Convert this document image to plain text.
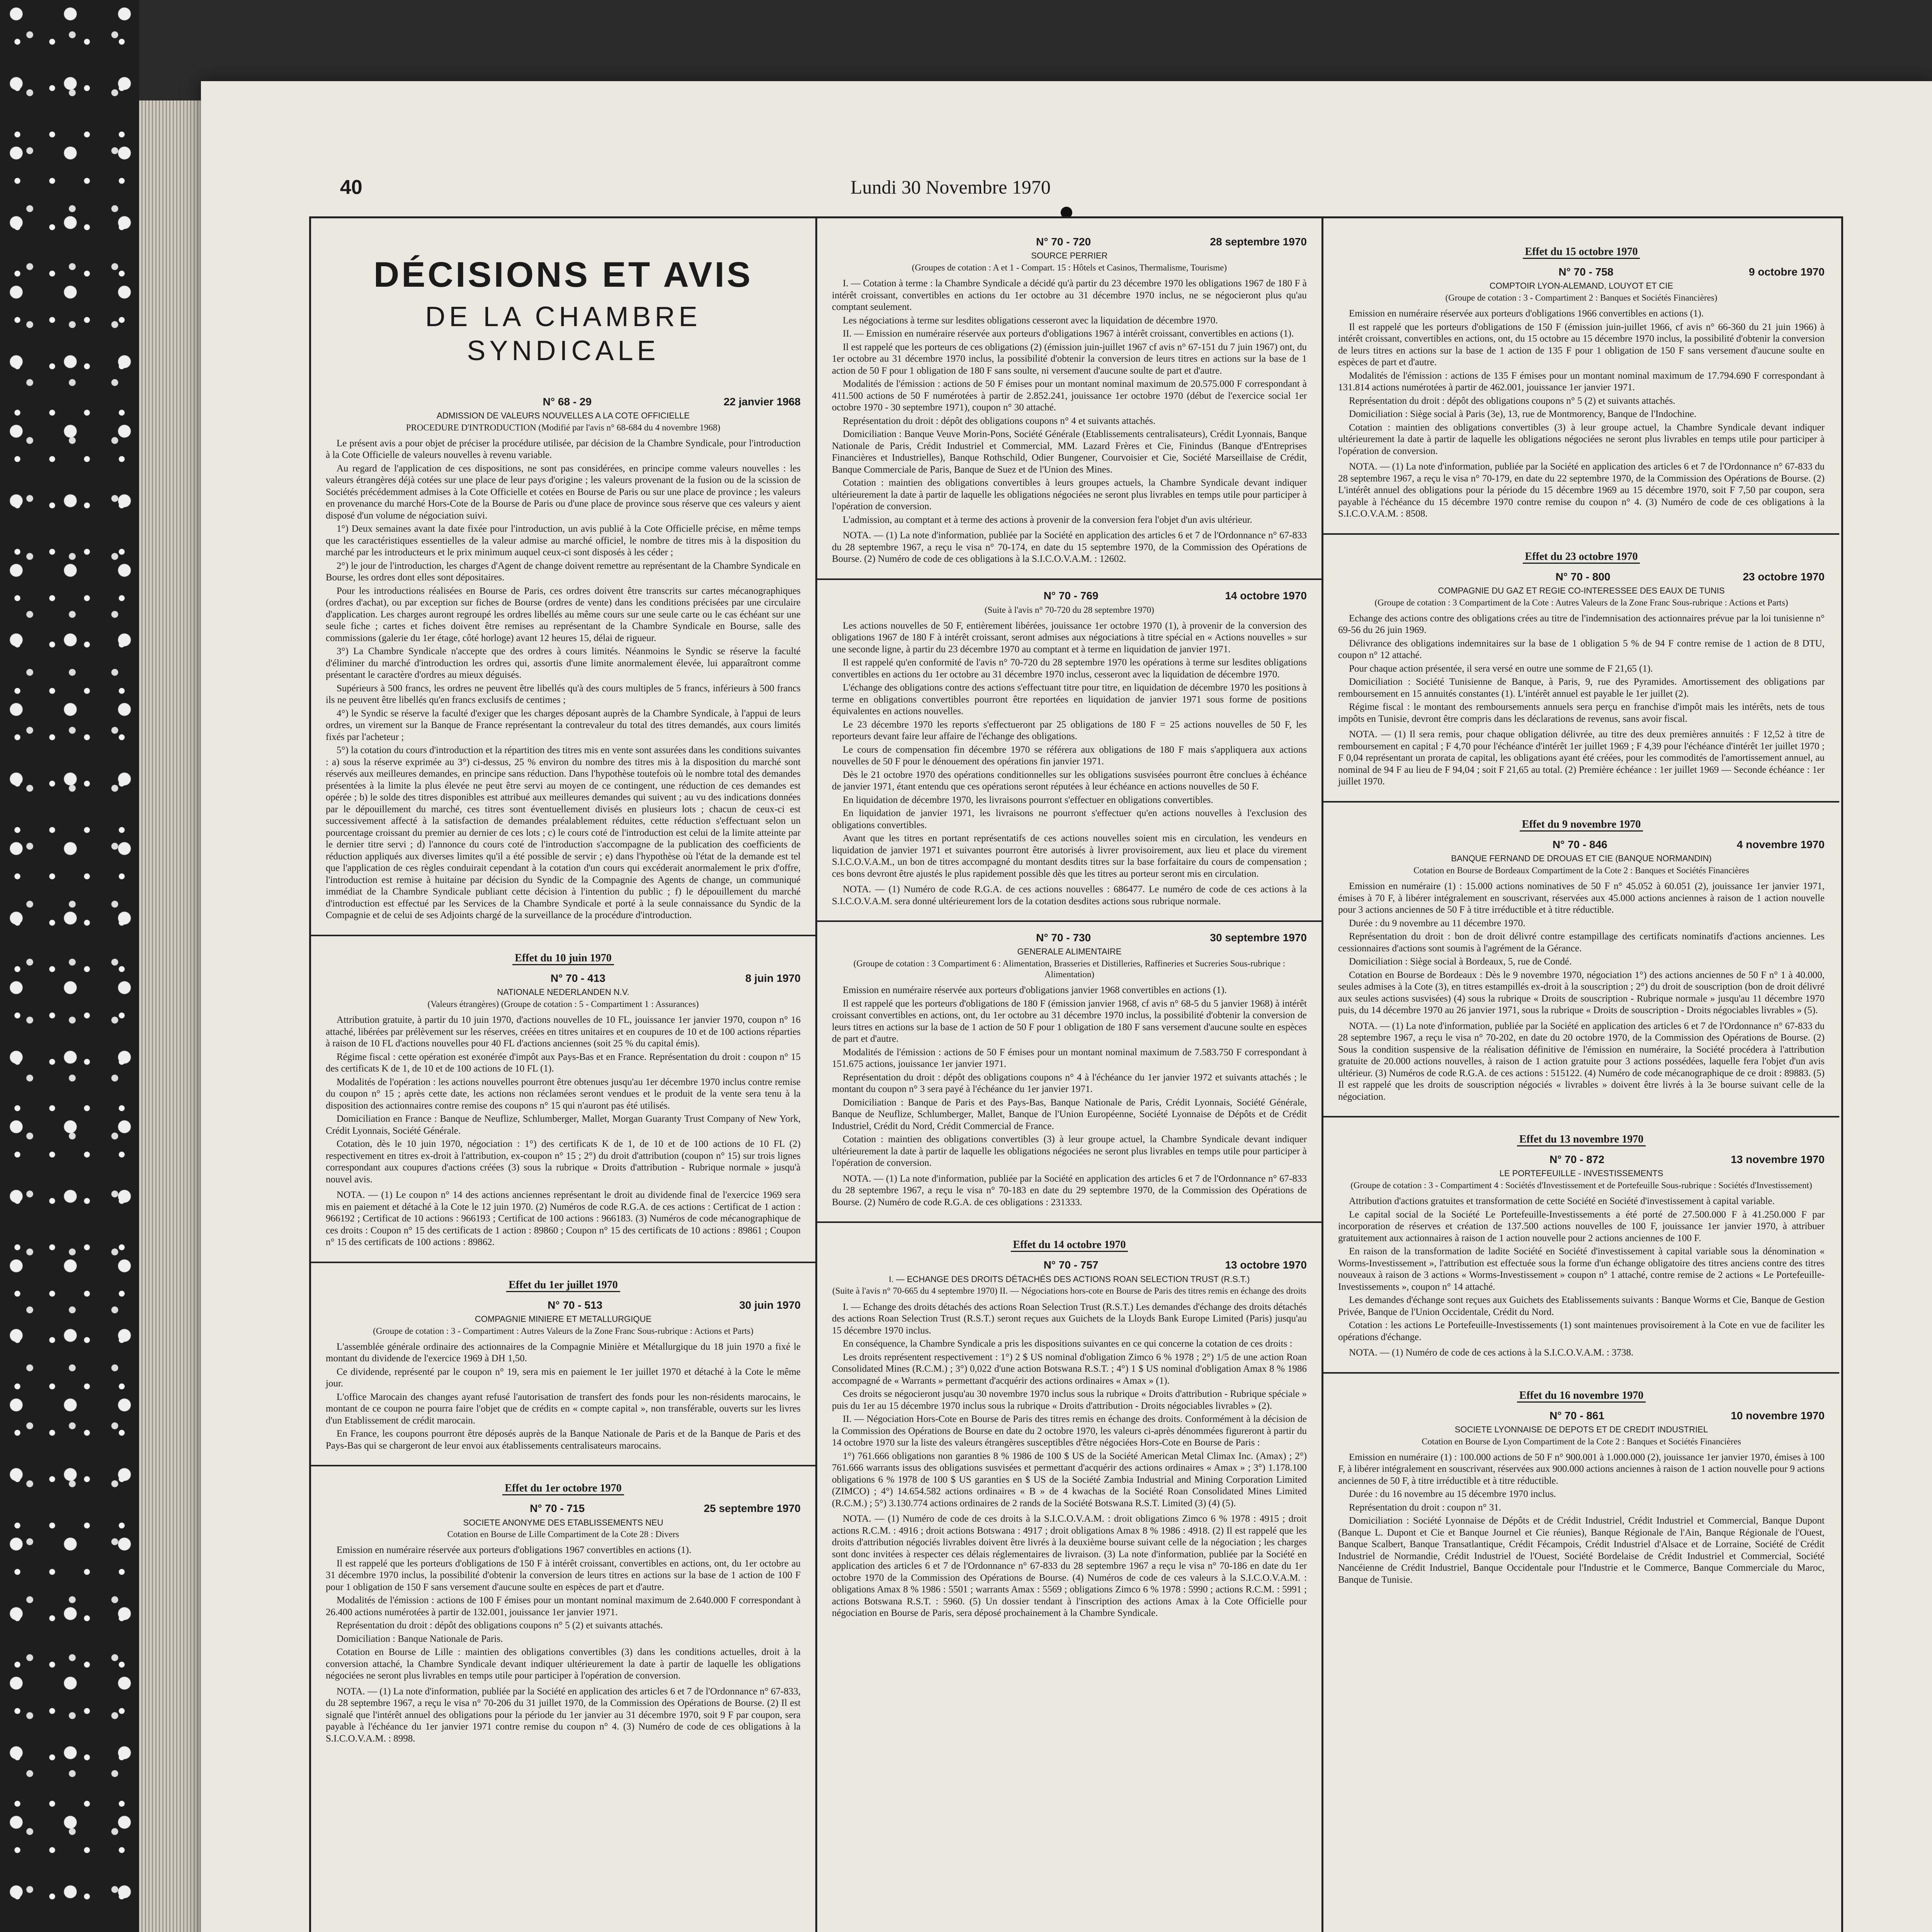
40	Lundi 30 Novembre 1970
DÉCISIONS ET AVIS
DE LA CHAMBRE SYNDICALE
N° 68 - 29	22 janvier 1968
ADMISSION DE VALEURS NOUVELLES A LA COTE OFFICIELLE
PROCEDURE D'INTRODUCTION (Modifié par l'avis n° 68-684 du 4 novembre 1968)

Le présent avis a pour objet de préciser la procédure utilisée, par décision de la Chambre Syndicale, pour l'introduction à la Cote Officielle de valeurs nouvelles à revenu variable.

Au regard de l'application de ces dispositions, ne sont pas considérées, en principe comme valeurs nouvelles : les valeurs étrangères déjà cotées sur une place de leur pays d'origine ; les valeurs provenant de la fusion ou de la scission de Sociétés précédemment admises à la Cote Officielle et cotées en Bourse de Paris ou sur une place de province ; les valeurs en provenance du marché Hors-Cote de la Bourse de Paris ou d'une place de province sous réserve que ces valeurs y aient disposé d'un volume de négociation suivi.

1°) Deux semaines avant la date fixée pour l'introduction, un avis publié à la Cote Officielle précise, en même temps que les caractéristiques essentielles de la valeur admise au marché officiel, le nombre de titres mis à la disposition du marché par les introducteurs et le prix minimum auquel ceux-ci sont disposés à les céder ;

2°) le jour de l'introduction, les charges d'Agent de change doivent remettre au représentant de la Chambre Syndicale en Bourse, les ordres dont elles sont dépositaires.

Pour les introductions réalisées en Bourse de Paris, ces ordres doivent être transcrits sur cartes mécanographiques (ordres d'achat), ou par exception sur fiches de Bourse (ordres de vente) dans les conditions précisées par une circulaire d'application. Les charges auront regroupé les ordres libellés au même cours sur une seule carte ou le cas échéant sur une seule fiche ; cartes et fiches doivent être remises au représentant de la Chambre Syndicale en Bourse, salle des commissions (galerie du 1er étage, côté horloge) avant 12 heures 15, délai de rigueur.

3°) La Chambre Syndicale n'accepte que des ordres à cours limités. Néanmoins le Syndic se réserve la faculté d'éliminer du marché d'introduction les ordres qui, assortis d'une limite anormalement élevée, lui apparaîtront comme présentant le caractère d'ordres au mieux déguisés.

Supérieurs à 500 francs, les ordres ne peuvent être libellés qu'à des cours multiples de 5 francs, inférieurs à 500 francs ils ne peuvent être libellés qu'en francs exclusifs de centimes ;

4°) le Syndic se réserve la faculté d'exiger que les charges déposant auprès de la Chambre Syndicale, à l'appui de leurs ordres, un virement sur la Banque de France représentant la contrevaleur du total des titres demandés, aux cours limités fixés par l'acheteur ;

5°) la cotation du cours d'introduction et la répartition des titres mis en vente sont assurées dans les conditions suivantes : a) sous la réserve exprimée au 3°) ci-dessus, 25 % environ du nombre des titres mis à la disposition du marché sont réservés aux meilleures demandes, en principe sans réduction. Dans l'hypothèse toutefois où le nombre total des demandes présentées à la limite la plus élevée ne peut être servi au moyen de ce contingent, une réduction de ces demandes est opérée ; b) le solde des titres disponibles est attribué aux meilleures demandes qui suivent ; au vu des indications données par le dépouillement du marché, ces titres sont éventuellement divisés en plusieurs lots ; chacun de ceux-ci est successivement affecté à la satisfaction de demandes préalablement réduites, cette réduction s'effectuant selon un pourcentage croissant du premier au dernier de ces lots ; c) le cours coté de l'introduction est celui de la limite atteinte par le dernier titre servi ; d) l'annonce du cours coté de l'introduction s'accompagne de la publication des coefficients de réduction appliqués aux diverses limites qu'il a été possible de servir ; e) dans l'hypothèse où l'état de la demande est tel que l'application de ces règles conduirait cependant à la cotation d'un cours qui excéderait anormalement le prix d'offre, l'introduction est remise à huitaine par décision du Syndic de la Compagnie des Agents de change, un communiqué immédiat de la Chambre Syndicale publiant cette décision à l'intention du public ; f) le dépouillement du marché d'introduction est effectué par les Services de la Chambre Syndicale et porté à la seule connaissance du Syndic de la Compagnie et de celui de ses Adjoints chargé de la surveillance de la procédure d'introduction.

Effet du 10 juin 1970
N° 70 - 413	8 juin 1970
NATIONALE NEDERLANDEN N.V.
(Valeurs étrangères) (Groupe de cotation : 5 - Compartiment 1 : Assurances)

Attribution gratuite, à partir du 10 juin 1970, d'actions nouvelles de 10 FL, jouissance 1er janvier 1970, coupon n° 16 attaché, libérées par prélèvement sur les réserves, créées en titres unitaires et en coupures de 10 et de 100 actions réparties à raison de 10 FL d'actions nouvelles pour 40 FL d'actions anciennes (soit 25 % du capital émis).

Régime fiscal : cette opération est exonérée d'impôt aux Pays-Bas et en France. Représentation du droit : coupon n° 15 des certificats K de 1, de 10 et de 100 actions de 10 FL (1).

Modalités de l'opération : les actions nouvelles pourront être obtenues jusqu'au 1er décembre 1970 inclus contre remise du coupon n° 15 ; après cette date, les actions non réclamées seront vendues et le produit de la vente sera tenu à la disposition des actionnaires contre remise des coupons n° 15 qui n'auront pas été utilisés.

Domiciliation en France : Banque de Neuflize, Schlumberger, Mallet, Morgan Guaranty Trust Company of New York, Crédit Lyonnais, Société Générale.

Cotation, dès le 10 juin 1970, négociation : 1°) des certificats K de 1, de 10 et de 100 actions de 10 FL (2) respectivement en titres ex-droit à l'attribution, ex-coupon n° 15 ; 2°) du droit d'attribution (coupon n° 15) sur trois lignes correspondant aux coupures d'actions créées (3) sous la rubrique « Droits d'attribution - Rubrique normale » jusqu'à nouvel avis.

NOTA. — (1) Le coupon n° 14 des actions anciennes représentant le droit au dividende final de l'exercice 1969 sera mis en paiement et détaché à la Cote le 12 juin 1970. (2) Numéros de code R.G.A. de ces actions : Certificat de 1 action : 966192 ; Certificat de 10 actions : 966193 ; Certificat de 100 actions : 966183. (3) Numéros de code mécanographique de ces droits : Coupon n° 15 des certificats de 1 action : 89860 ; Coupon n° 15 des certificats de 10 actions : 89861 ; Coupon n° 15 des certificats de 100 actions : 89862.

Effet du 1er juillet 1970
N° 70 - 513	30 juin 1970
COMPAGNIE MINIERE ET METALLURGIQUE
(Groupe de cotation : 3 - Compartiment : Autres Valeurs de la Zone Franc Sous-rubrique : Actions et Parts)

L'assemblée générale ordinaire des actionnaires de la Compagnie Minière et Métallurgique du 18 juin 1970 a fixé le montant du dividende de l'exercice 1969 à DH 1,50.

Ce dividende, représenté par le coupon n° 19, sera mis en paiement le 1er juillet 1970 et détaché à la Cote le même jour.

L'office Marocain des changes ayant refusé l'autorisation de transfert des fonds pour les non-résidents marocains, le montant de ce coupon ne pourra faire l'objet que de crédits en « compte capital », non transférable, ouverts sur les livres d'un Etablissement de crédit marocain.

En France, les coupons pourront être déposés auprès de la Banque Nationale de Paris et de la Banque de Paris et des Pays-Bas qui se chargeront de leur envoi aux établissements centralisateurs marocains.

Effet du 1er octobre 1970
N° 70 - 715	25 septembre 1970
SOCIETE ANONYME DES ETABLISSEMENTS NEU
Cotation en Bourse de Lille Compartiment de la Cote 28 : Divers

Emission en numéraire réservée aux porteurs d'obligations 1967 convertibles en actions (1).

Il est rappelé que les porteurs d'obligations de 150 F à intérêt croissant, convertibles en actions, ont, du 1er octobre au 31 décembre 1970 inclus, la possibilité d'obtenir la conversion de leurs titres en actions sur la base de 1 action de 100 F pour 1 obligation de 150 F sans versement d'aucune soulte en espèces de part et d'autre.

Modalités de l'émission : actions de 100 F émises pour un montant nominal maximum de 2.640.000 F correspondant à 26.400 actions numérotées à partir de 132.001, jouissance 1er janvier 1971.

Représentation du droit : dépôt des obligations coupons n° 5 (2) et suivants attachés.

Domiciliation : Banque Nationale de Paris.

Cotation en Bourse de Lille : maintien des obligations convertibles (3) dans les conditions actuelles, droit à la conversion attaché, la Chambre Syndicale devant indiquer ultérieurement la date à partir de laquelle les obligations négociées ne seront plus livrables en temps utile pour participer à l'opération de conversion.

NOTA. — (1) La note d'information, publiée par la Société en application des articles 6 et 7 de l'Ordonnance n° 67-833, du 28 septembre 1967, a reçu le visa n° 70-206 du 31 juillet 1970, de la Commission des Opérations de Bourse. (2) Il est signalé que l'intérêt annuel des obligations pour la période du 1er janvier au 31 décembre 1970, soit 9 F par coupon, sera payable à l'échéance du 1er janvier 1971 contre remise du coupon n° 4. (3) Numéro de code de ces obligations à la S.I.C.O.V.A.M. : 8998.

N° 70 - 720	28 septembre 1970
SOURCE PERRIER
(Groupes de cotation : A et 1 - Compart. 15 : Hôtels et Casinos, Thermalisme, Tourisme)

I. — Cotation à terme : la Chambre Syndicale a décidé qu'à partir du 23 décembre 1970 les obligations 1967 de 180 F à intérêt croissant, convertibles en actions du 1er octobre au 31 décembre 1970 inclus, ne se négocieront plus qu'au comptant seulement.

Les négociations à terme sur lesdites obligations cesseront avec la liquidation de décembre 1970.

II. — Emission en numéraire réservée aux porteurs d'obligations 1967 à intérêt croissant, convertibles en actions (1).

Il est rappelé que les porteurs de ces obligations (2) (émission juin-juillet 1967 cf avis n° 67-151 du 7 juin 1967) ont, du 1er octobre au 31 décembre 1970 inclus, la possibilité d'obtenir la conversion de leurs titres en actions sur la base de 1 action de 50 F pour 1 obligation de 180 F sans soulte, ni versement d'aucune soulte de part et d'autre.

Modalités de l'émission : actions de 50 F émises pour un montant nominal maximum de 20.575.000 F correspondant à 411.500 actions de 50 F numérotées à partir de 2.852.241, jouissance 1er octobre 1970 (début de l'exercice social 1er octobre 1970 - 30 septembre 1971), coupon n° 30 attaché.

Représentation du droit : dépôt des obligations coupons n° 4 et suivants attachés.

Domiciliation : Banque Veuve Morin-Pons, Société Générale (Etablissements centralisateurs), Crédit Lyonnais, Banque Nationale de Paris, Crédit Industriel et Commercial, MM. Lazard Frères et Cie, Finindus (Banque d'Entreprises Financières et Industrielles), Banque Rothschild, Odier Bungener, Courvoisier et Cie, Société Marseillaise de Crédit, Banque Commerciale de Paris, Banque de Suez et de l'Union des Mines.

Cotation : maintien des obligations convertibles à leurs groupes actuels, la Chambre Syndicale devant indiquer ultérieurement la date à partir de laquelle les obligations négociées ne seront plus livrables en temps utile pour participer à l'opération de conversion.

L'admission, au comptant et à terme des actions à provenir de la conversion fera l'objet d'un avis ultérieur.

NOTA. — (1) La note d'information, publiée par la Société en application des articles 6 et 7 de l'Ordonnance n° 67-833 du 28 septembre 1967, a reçu le visa n° 70-174, en date du 15 septembre 1970, de la Commission des Opérations de Bourse. (2) Numéro de code de ces obligations à la S.I.C.O.V.A.M. : 12602.

N° 70 - 769	14 octobre 1970
(Suite à l'avis n° 70-720 du 28 septembre 1970)

Les actions nouvelles de 50 F, entièrement libérées, jouissance 1er octobre 1970 (1), à provenir de la conversion des obligations 1967 de 180 F à intérêt croissant, seront admises aux négociations à titre spécial en « Actions nouvelles » sur une seconde ligne, à partir du 23 décembre 1970 au comptant et à terme en liquidation de janvier 1971.

Il est rappelé qu'en conformité de l'avis n° 70-720 du 28 septembre 1970 les opérations à terme sur lesdites obligations convertibles en actions du 1er octobre au 31 décembre 1970 inclus, cesseront avec la liquidation de décembre 1970.

L'échange des obligations contre des actions s'effectuant titre pour titre, en liquidation de décembre 1970 les positions à terme en obligations convertibles pourront être reportées en liquidation de janvier 1971 sous forme de positions équivalentes en actions nouvelles.

Le 23 décembre 1970 les reports s'effectueront par 25 obligations de 180 F = 25 actions nouvelles de 50 F, les reporteurs devant faire leur affaire de l'échange des obligations.

Le cours de compensation fin décembre 1970 se référera aux obligations de 180 F mais s'appliquera aux actions nouvelles de 50 F pour le dénouement des opérations fin janvier 1971.

Dès le 21 octobre 1970 des opérations conditionnelles sur les obligations susvisées pourront être conclues à échéance de janvier 1971, étant entendu que ces opérations seront réputées à leur échéance en actions nouvelles de 50 F.

En liquidation de décembre 1970, les livraisons pourront s'effectuer en obligations convertibles.

En liquidation de janvier 1971, les livraisons ne pourront s'effectuer qu'en actions nouvelles à l'exclusion des obligations convertibles.

Avant que les titres en portant représentatifs de ces actions nouvelles soient mis en circulation, les vendeurs en liquidation de janvier 1971 et suivantes pourront être autorisés à livrer provisoirement, aux lieu et place du virement S.I.C.O.V.A.M., un bon de titres accompagné du montant desdits titres sur la base forfaitaire du cours de compensation ; ces bons devront être ajustés le plus rapidement possible dès que les titres au porteur seront mis en circulation.

NOTA. — (1) Numéro de code R.G.A. de ces actions nouvelles : 686477. Le numéro de code de ces actions à la S.I.C.O.V.A.M. sera donné ultérieurement lors de la cotation desdites actions sous rubrique normale.

N° 70 - 730	30 septembre 1970
GENERALE ALIMENTAIRE
(Groupe de cotation : 3 Compartiment 6 : Alimentation, Brasseries et Distilleries, Raffineries et Sucreries Sous-rubrique : Alimentation)

Emission en numéraire réservée aux porteurs d'obligations janvier 1968 convertibles en actions (1).

Il est rappelé que les porteurs d'obligations de 180 F (émission janvier 1968, cf avis n° 68-5 du 5 janvier 1968) à intérêt croissant convertibles en actions, ont, du 1er octobre au 31 décembre 1970 inclus, la possibilité d'obtenir la conversion de leurs titres en actions sur la base de 1 action de 50 F pour 1 obligation de 180 F sans versement d'aucune soulte en espèces de part et d'autre.

Modalités de l'émission : actions de 50 F émises pour un montant nominal maximum de 7.583.750 F correspondant à 151.675 actions, jouissance 1er janvier 1971.

Représentation du droit : dépôt des obligations coupons n° 4 à l'échéance du 1er janvier 1972 et suivants attachés ; le montant du coupon n° 3 sera payé à l'échéance du 1er janvier 1971.

Domiciliation : Banque de Paris et des Pays-Bas, Banque Nationale de Paris, Crédit Lyonnais, Société Générale, Banque de Neuflize, Schlumberger, Mallet, Banque de l'Union Européenne, Société Lyonnaise de Dépôts et de Crédit Industriel, Crédit du Nord, Crédit Commercial de France.

Cotation : maintien des obligations convertibles (3) à leur groupe actuel, la Chambre Syndicale devant indiquer ultérieurement la date à partir de laquelle les obligations négociées ne seront plus livrables en temps utile pour participer à l'opération de conversion.

NOTA. — (1) La note d'information, publiée par la Société en application des articles 6 et 7 de l'Ordonnance n° 67-833 du 28 septembre 1967, a reçu le visa n° 70-183 en date du 29 septembre 1970, de la Commission des Opérations de Bourse. (2) Numéro de code R.G.A. de ces obligations : 231333.

Effet du 14 octobre 1970
N° 70 - 757	13 octobre 1970
I. — ECHANGE DES DROITS DÉTACHÉS DES ACTIONS ROAN SELECTION TRUST (R.S.T.)
(Suite à l'avis n° 70-665 du 4 septembre 1970) II. — Négociations hors-cote en Bourse de Paris des titres remis en échange des droits

I. — Echange des droits détachés des actions Roan Selection Trust (R.S.T.) Les demandes d'échange des droits détachés des actions Roan Selection Trust (R.S.T.) seront reçues aux Guichets de la Lloyds Bank Europe Limited (Paris) jusqu'au 15 décembre 1970 inclus.

En conséquence, la Chambre Syndicale a pris les dispositions suivantes en ce qui concerne la cotation de ces droits :

Les droits représentent respectivement : 1°) 2 $ US nominal d'obligation Zimco 6 % 1978 ; 2°) 1/5 de une action Roan Consolidated Mines (R.C.M.) ; 3°) 0,022 d'une action Botswana R.S.T. ; 4°) 1 $ US nominal d'obligation Amax 8 % 1986 accompagné de « Warrants » permettant d'acquérir des actions ordinaires « Amax » (1).

Ces droits se négocieront jusqu'au 30 novembre 1970 inclus sous la rubrique « Droits d'attribution - Rubrique spéciale » puis du 1er au 15 décembre 1970 inclus sous la rubrique « Droits d'attribution - Droits négociables livrables » (2).

II. — Négociation Hors-Cote en Bourse de Paris des titres remis en échange des droits. Conformément à la décision de la Commission des Opérations de Bourse en date du 2 octobre 1970, les valeurs ci-après dénommées figureront à partir du 14 octobre 1970 sur la liste des valeurs étrangères susceptibles d'être négociées Hors-Cote en Bourse de Paris :

1°) 761.666 obligations non garanties 8 % 1986 de 100 $ US de la Société American Metal Climax Inc. (Amax) ; 2°) 761.666 warrants issus des obligations susvisées et permettant d'acquérir des actions ordinaires « Amax » ; 3°) 1.178.100 obligations 6 % 1978 de 100 $ US garanties en $ US de la Société Zambia Industrial and Mining Corporation Limited (ZIMCO) ; 4°) 14.654.582 actions ordinaires « B » de 4 kwachas de la Société Roan Consolidated Mines Limited (R.C.M.) ; 5°) 3.130.774 actions ordinaires de 2 rands de la Société Botswana R.S.T. Limited (3) (4) (5).

NOTA. — (1) Numéro de code de ces droits à la S.I.C.O.V.A.M. : droit obligations Zimco 6 % 1978 : 4915 ; droit actions R.C.M. : 4916 ; droit actions Botswana : 4917 ; droit obligations Amax 8 % 1986 : 4918. (2) Il est rappelé que les droits d'attribution négociés livrables doivent être livrés à la deuxième bourse suivant celle de la négociation ; les charges sont donc invitées à respecter ces délais réglementaires de livraison. (3) La note d'information, publiée par la Société en application des articles 6 et 7 de l'Ordonnance n° 67-833 du 28 septembre 1967 a reçu le visa n° 70-186 en date du 1er octobre 1970 de la Commission des Opérations de Bourse. (4) Numéros de code de ces valeurs à la S.I.C.O.V.A.M. : obligations Amax 8 % 1986 : 5501 ; warrants Amax : 5569 ; obligations Zimco 6 % 1978 : 5990 ; actions R.C.M. : 5991 ; actions Botswana R.S.T. : 5960. (5) Un dossier tendant à l'inscription des actions Amax à la Cote Officielle pour négociation en Bourse de Paris, sera déposé prochainement à la Chambre Syndicale.

Effet du 15 octobre 1970
N° 70 - 758	9 octobre 1970
COMPTOIR LYON-ALEMAND, LOUYOT ET CIE
(Groupe de cotation : 3 - Compartiment 2 : Banques et Sociétés Financières)

Emission en numéraire réservée aux porteurs d'obligations 1966 convertibles en actions (1).

Il est rappelé que les porteurs d'obligations de 150 F (émission juin-juillet 1966, cf avis n° 66-360 du 21 juin 1966) à intérêt croissant, convertibles en actions, ont, du 15 octobre au 15 décembre 1970 inclus, la possibilité d'obtenir la conversion de leurs titres en actions sur la base de 1 action de 135 F pour 1 obligation de 150 F sans versement d'aucune soulte en espèces de part et d'autre.

Modalités de l'émission : actions de 135 F émises pour un montant nominal maximum de 17.794.690 F correspondant à 131.814 actions numérotées à partir de 462.001, jouissance 1er janvier 1971.

Représentation du droit : dépôt des obligations coupons n° 5 (2) et suivants attachés.

Domiciliation : Siège social à Paris (3e), 13, rue de Montmorency, Banque de l'Indochine.

Cotation : maintien des obligations convertibles (3) à leur groupe actuel, la Chambre Syndicale devant indiquer ultérieurement la date à partir de laquelle les obligations négociées ne seront plus livrables en temps utile pour participer à l'opération de conversion.

NOTA. — (1) La note d'information, publiée par la Société en application des articles 6 et 7 de l'Ordonnance n° 67-833 du 28 septembre 1967, a reçu le visa n° 70-179, en date du 22 septembre 1970, de la Commission des Opérations de Bourse. (2) L'intérêt annuel des obligations pour la période du 15 décembre 1969 au 15 décembre 1970, soit F 7,50 par coupon, sera payable à l'échéance du 15 décembre 1970 contre remise du coupon n° 4. (3) Numéro de code de ces obligations à la S.I.C.O.V.A.M. : 8508.

Effet du 23 octobre 1970
N° 70 - 800	23 octobre 1970
COMPAGNIE DU GAZ ET REGIE CO-INTERESSEE DES EAUX DE TUNIS
(Groupe de cotation : 3 Compartiment de la Cote : Autres Valeurs de la Zone Franc Sous-rubrique : Actions et Parts)

Echange des actions contre des obligations crées au titre de l'indemnisation des actionnaires prévue par la loi tunisienne n° 69-56 du 26 juin 1969.

Délivrance des obligations indemnitaires sur la base de 1 obligation 5 % de 94 F contre remise de 1 action de 8 DTU, coupon n° 12 attaché.

Pour chaque action présentée, il sera versé en outre une somme de F 21,65 (1).

Domiciliation : Société Tunisienne de Banque, à Paris, 9, rue des Pyramides. Amortissement des obligations par remboursement en 15 annuités constantes (1). L'intérêt annuel est payable le 1er juillet (2).

Régime fiscal : le montant des remboursements annuels sera perçu en franchise d'impôt mais les intérêts, nets de tous impôts en Tunisie, devront être compris dans les déclarations de revenus, sans avoir fiscal.

NOTA. — (1) Il sera remis, pour chaque obligation délivrée, au titre des deux premières annuités : F 12,52 à titre de remboursement en capital ; F 4,70 pour l'échéance d'intérêt 1er juillet 1969 ; F 4,39 pour l'échéance d'intérêt 1er juillet 1970 ; F 0,04 représentant un prorata de capital, les obligations ayant été créées, pour les commodités de l'amortissement annuel, au nominal de 94 F au lieu de F 94,04 ; soit F 21,65 au total. (2) Première échéance : 1er juillet 1969 — Seconde échéance : 1er juillet 1970.

Effet du 9 novembre 1970
N° 70 - 846	4 novembre 1970
BANQUE FERNAND DE DROUAS ET CIE (BANQUE NORMANDIN)
Cotation en Bourse de Bordeaux Compartiment de la Cote 2 : Banques et Sociétés Financières

Emission en numéraire (1) : 15.000 actions nominatives de 50 F n° 45.052 à 60.051 (2), jouissance 1er janvier 1971, émises à 70 F, à libérer intégralement en souscrivant, réservées aux 45.000 actions anciennes à raison de 1 action nouvelle pour 3 actions anciennes de 50 F à titre irréductible et à titre réductible.

Durée : du 9 novembre au 11 décembre 1970.

Représentation du droit : bon de droit délivré contre estampillage des certificats nominatifs d'actions anciennes. Les cessionnaires d'actions sont soumis à l'agrément de la Gérance.

Domiciliation : Siège social à Bordeaux, 5, rue de Condé.

Cotation en Bourse de Bordeaux : Dès le 9 novembre 1970, négociation 1°) des actions anciennes de 50 F n° 1 à 40.000, seules admises à la Cote (3), en titres estampillés ex-droit à la souscription ; 2°) du droit de souscription (bon de droit délivré aux seules actions susvisées) (4) sous la rubrique « Droits de souscription - Rubrique normale » jusqu'au 11 décembre 1970 puis, du 14 décembre 1970 au 26 janvier 1971, sous la rubrique « Droits de souscription - Droits négociables livrables » (5).

NOTA. — (1) La note d'information, publiée par la Société en application des articles 6 et 7 de l'Ordonnance n° 67-833 du 28 septembre 1967, a reçu le visa n° 70-202, en date du 20 octobre 1970, de la Commission des Opérations de Bourse. (2) Sous la condition suspensive de la réalisation définitive de l'émission en numéraire, la Société procédera à l'attribution gratuite de 20.000 actions nouvelles, à raison de 1 action gratuite pour 3 actions possédées, laquelle fera l'objet d'un avis ultérieur. (3) Numéros de code R.G.A. de ces actions : 515122. (4) Numéro de code mécanographique de ce droit : 89883. (5) Il est rappelé que les droits de souscription négociés « livrables » doivent être livrés à la 3e bourse suivant celle de la négociation.

Effet du 13 novembre 1970
N° 70 - 872	13 novembre 1970
LE PORTEFEUILLE - INVESTISSEMENTS
(Groupe de cotation : 3 - Compartiment 4 : Sociétés d'Investissement et de Portefeuille Sous-rubrique : Sociétés d'Investissement)

Attribution d'actions gratuites et transformation de cette Société en Société d'investissement à capital variable.

Le capital social de la Société Le Portefeuille-Investissements a été porté de 27.500.000 F à 41.250.000 F par incorporation de réserves et création de 137.500 actions nouvelles de 100 F, jouissance 1er janvier 1970, à attribuer gratuitement aux actionnaires à raison de 1 action nouvelle pour 2 actions anciennes de 100 F.

En raison de la transformation de ladite Société en Société d'investissement à capital variable sous la dénomination « Worms-Investissement », l'attribution est effectuée sous la forme d'un échange obligatoire des titres anciens contre des titres nouveaux à raison de 3 actions « Worms-Investissement » coupon n° 1 attaché, contre remise de 2 actions « Le Portefeuille-Investissements », coupon n° 14 attaché.

Les demandes d'échange sont reçues aux Guichets des Etablissements suivants : Banque Worms et Cie, Banque de Gestion Privée, Banque de l'Union Occidentale, Crédit du Nord.

Cotation : les actions Le Portefeuille-Investissements (1) sont maintenues provisoirement à la Cote en vue de faciliter les opérations d'échange.

NOTA. — (1) Numéro de code de ces actions à la S.I.C.O.V.A.M. : 3738.

Effet du 16 novembre 1970
N° 70 - 861	10 novembre 1970
SOCIETE LYONNAISE DE DEPOTS ET DE CREDIT INDUSTRIEL
Cotation en Bourse de Lyon Compartiment de la Cote 2 : Banques et Sociétés Financières

Emission en numéraire (1) : 100.000 actions de 50 F n° 900.001 à 1.000.000 (2), jouissance 1er janvier 1970, émises à 100 F, à libérer intégralement en souscrivant, réservées aux 900.000 actions anciennes à raison de 1 action nouvelle pour 9 actions anciennes de 50 F, à titre irréductible et à titre réductible.

Durée : du 16 novembre au 15 décembre 1970 inclus.

Représentation du droit : coupon n° 31.

Domiciliation : Société Lyonnaise de Dépôts et de Crédit Industriel, Crédit Industriel et Commercial, Banque Dupont (Banque L. Dupont et Cie et Banque Journel et Cie réunies), Banque Régionale de l'Ain, Banque Régionale de l'Ouest, Banque Scalbert, Banque Transatlantique, Crédit Fécampois, Crédit Industriel d'Alsace et de Lorraine, Société de Crédit Industriel de Normandie, Crédit Industriel de l'Ouest, Société Bordelaise de Crédit Industriel et Commercial, Société Nancéienne de Crédit Industriel, Banque Occidentale pour l'Industrie et le Commerce, Banque Commerciale du Maroc, Banque de Tunisie.
